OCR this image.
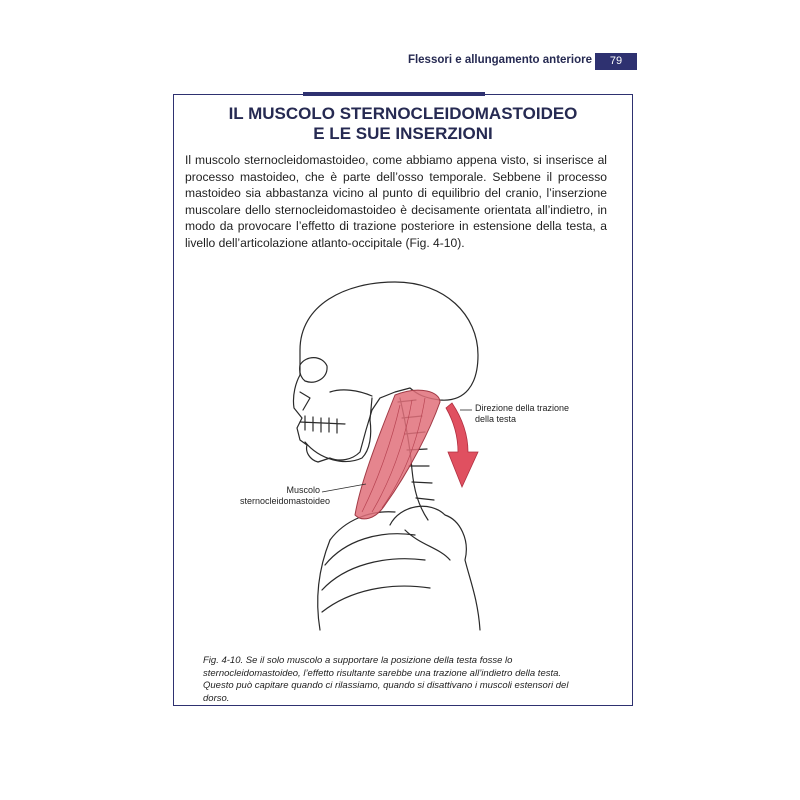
Flessori e allungamento anteriore	79
IL MUSCOLO STERNOCLEIDOMASTOIDEO
E LE SUE INSERZIONI

Il muscolo sternocleidomastoideo, come abbiamo appena visto, si inserisce al processo mastoideo, che è parte dell’osso temporale. Sebbene il processo mastoideo sia abbastanza vicino al punto di equilibrio del cranio, l’inserzione muscolare dello sternocleidomastoideo è decisamente orientata all’indietro, in modo da provocare l’effetto di trazione posteriore in estensione della testa, a livello dell’articolazione atlanto-occipitale (Fig. 4-10).

Muscolo
sternocleidomastoideo
Direzione della trazione
della testa

Fig. 4-10. Se il solo muscolo a supportare la posizione della testa fosse lo sternocleidomastoideo, l’effetto risultante sarebbe una trazione all’indietro della testa. Questo può capitare quando ci rilassiamo, quando si disattivano i muscoli estensori del dorso.
